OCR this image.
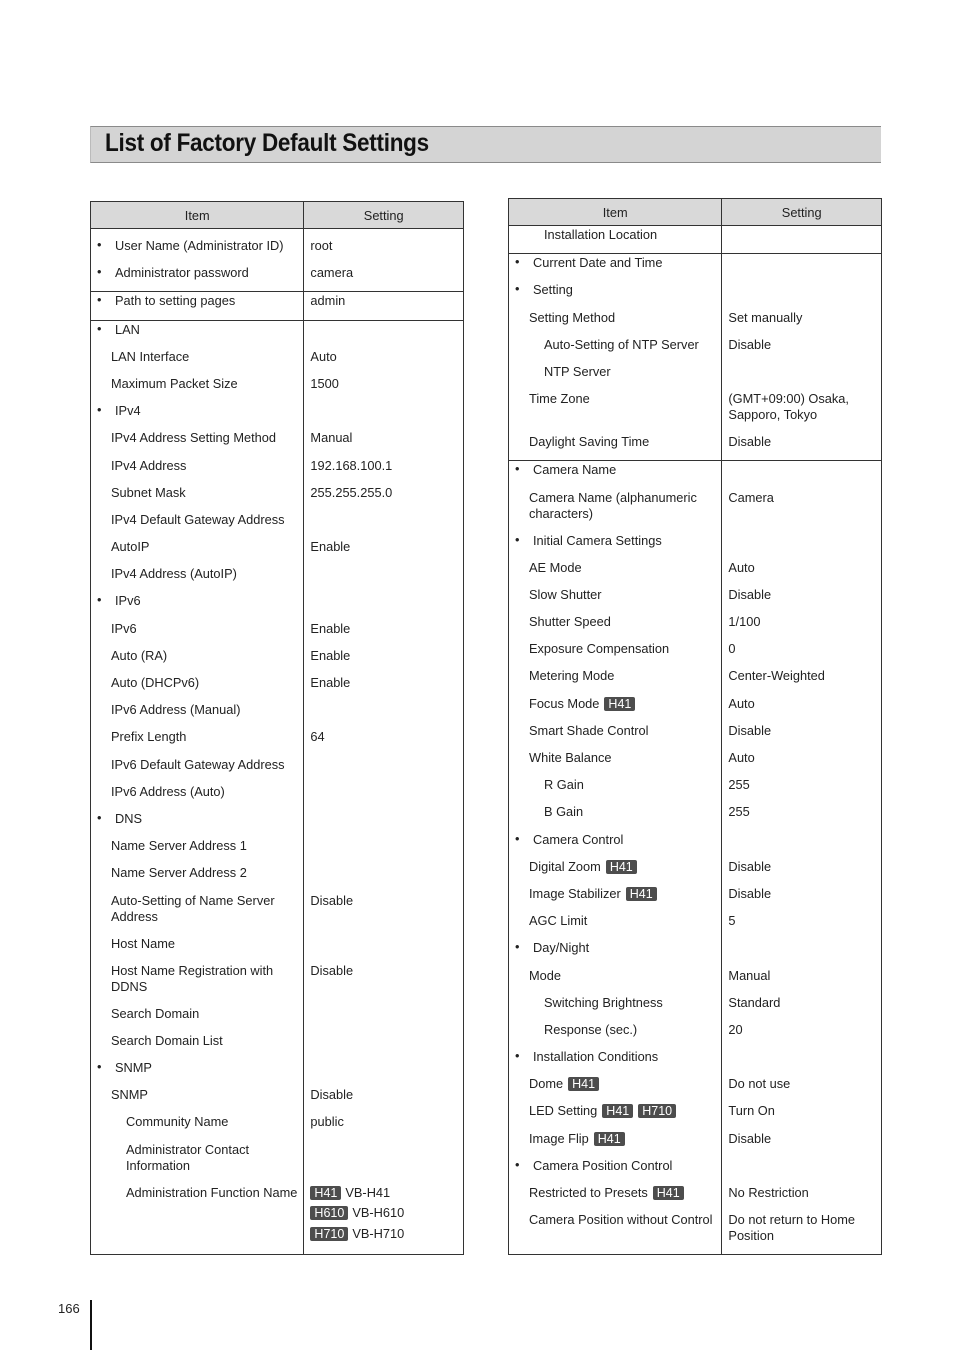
List of Factory Default Settings
Item	Setting

• User Name (Administrator ID)	root

• Administrator password	camera

• Path to setting pages	admin

• LAN	

LAN Interface	Auto

Maximum Packet Size	1500

• IPv4	

IPv4 Address Setting Method	Manual

IPv4 Address	192.168.100.1

Subnet Mask	255.255.255.0

IPv4 Default Gateway Address	

AutoIP	Enable

IPv4 Address (AutoIP)	

• IPv6	

IPv6	Enable

Auto (RA)	Enable

Auto (DHCPv6)	Enable

IPv6 Address (Manual)	

Prefix Length	64

IPv6 Default Gateway Address	

IPv6 Address (Auto)	

• DNS	

Name Server Address 1	

Name Server Address 2	

Auto-Setting of Name Server Address	Disable

Host Name	

Host Name Registration with DDNS	Disable

Search Domain	

Search Domain List	

• SNMP	

SNMP	Disable

Community Name	public

Administrator Contact Information	

Administration Function Name	H41 VB-H41
H610 VB-H610
H710 VB-H710
Item	Setting

Installation Location	

• Current Date and Time	

• Setting	

Setting Method	Set manually

Auto-Setting of NTP Server	Disable

NTP Server	

Time Zone	(GMT+09:00) Osaka, Sapporo, Tokyo

Daylight Saving Time	Disable

• Camera Name	

Camera Name (alphanumeric characters)	Camera

• Initial Camera Settings	

AE Mode	Auto

Slow Shutter	Disable

Shutter Speed	1/100

Exposure Compensation	0

Metering Mode	Center-Weighted

Focus Mode H41	Auto

Smart Shade Control	Disable

White Balance	Auto

R Gain	255

B Gain	255

• Camera Control	

Digital Zoom H41	Disable

Image Stabilizer H41	Disable

AGC Limit	5

• Day/Night	

Mode	Manual

Switching Brightness	Standard

Response (sec.)	20

• Installation Conditions	

Dome H41	Do not use

LED Setting H41 H710	Turn On

Image Flip H41	Disable

• Camera Position Control	

Restricted to Presets H41	No Restriction

Camera Position without Control	Do not return to Home Position
166
